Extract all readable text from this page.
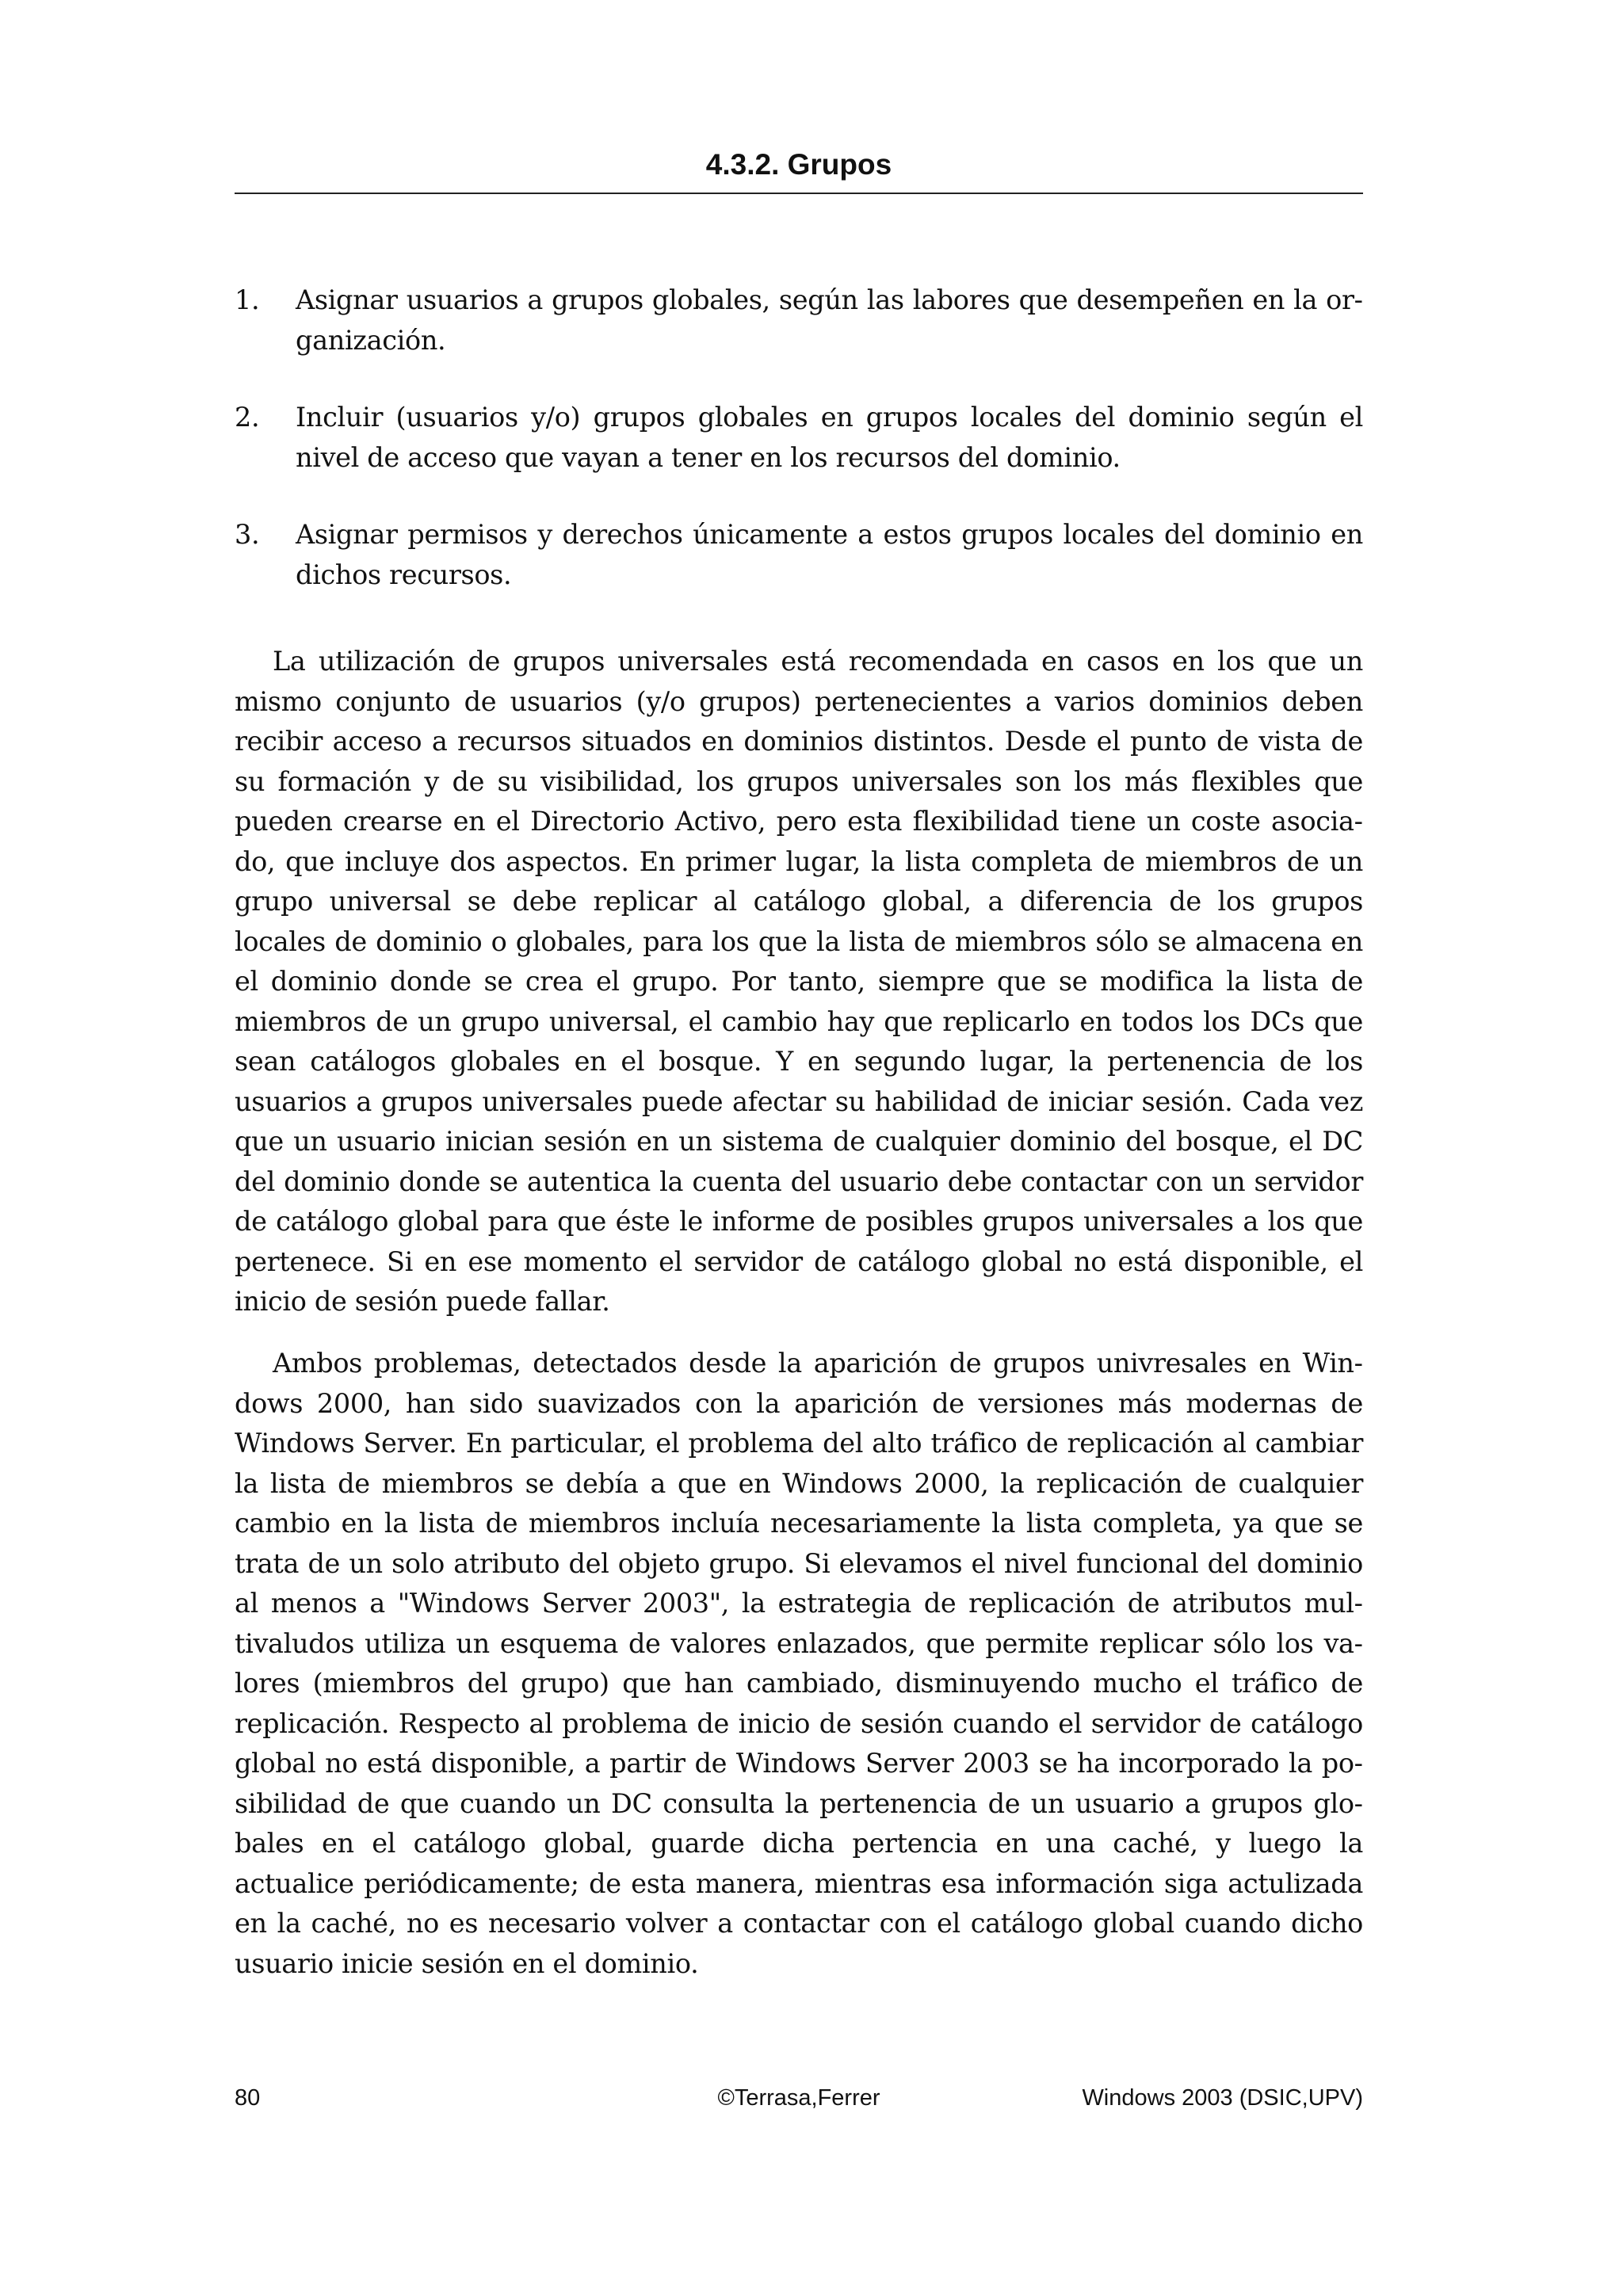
4.3.2. Grupos
1. Asignar usuarios a grupos globales, según las labores que desempeñen en la organización.
2. Incluir (usuarios y/o) grupos globales en grupos locales del dominio según el nivel de acceso que vayan a tener en los recursos del dominio.
3. Asignar permisos y derechos únicamente a estos grupos locales del dominio en dichos recursos.

La utilización de grupos universales está recomendada en casos en los que un mismo conjunto de usuarios (y/o grupos) pertenecientes a varios dominios deben recibir acceso a recursos situados en dominios distintos. Desde el punto de vista de su formación y de su visibilidad, los grupos universales son los más flexibles que pueden crearse en el Directorio Activo, pero esta flexibilidad tiene un coste asociado, que incluye dos aspectos. En primer lugar, la lista completa de miembros de un grupo universal se debe replicar al catálogo global, a diferencia de los grupos locales de dominio o globales, para los que la lista de miembros sólo se almacena en el dominio donde se crea el grupo. Por tanto, siempre que se modifica la lista de miembros de un grupo universal, el cambio hay que replicarlo en todos los DCs que sean catálogos globales en el bosque. Y en segundo lugar, la pertenencia de los usuarios a grupos universales puede afectar su habilidad de iniciar sesión. Cada vez que un usuario inician sesión en un sistema de cualquier dominio del bosque, el DC del dominio donde se autentica la cuenta del usuario debe contactar con un servidor de catálogo global para que éste le informe de posibles grupos universales a los que pertenece. Si en ese momento el servidor de catálogo global no está disponible, el inicio de sesión puede fallar.

Ambos problemas, detectados desde la aparición de grupos univresales en Windows 2000, han sido suavizados con la aparición de versiones más modernas de Windows Server. En particular, el problema del alto tráfico de replicación al cambiar la lista de miembros se debía a que en Windows 2000, la replicación de cualquier cambio en la lista de miembros incluía necesariamente la lista completa, ya que se trata de un solo atributo del objeto grupo. Si elevamos el nivel funcional del dominio al menos a "Windows Server 2003", la estrategia de replicación de atributos multivaludos utiliza un esquema de valores enlazados, que permite replicar sólo los valores (miembros del grupo) que han cambiado, disminuyendo mucho el tráfico de replicación. Respecto al problema de inicio de sesión cuando el servidor de catálogo global no está disponible, a partir de Windows Server 2003 se ha incorporado la posibilidad de que cuando un DC consulta la pertenencia de un usuario a grupos globales en el catálogo global, guarde dicha pertencia en una caché, y luego la actualice periódicamente; de esta manera, mientras esa información siga actulizada en la caché, no es necesario volver a contactar con el catálogo global cuando dicho usuario inicie sesión en el dominio.

80	©Terrasa,Ferrer	Windows 2003 (DSIC,UPV)
